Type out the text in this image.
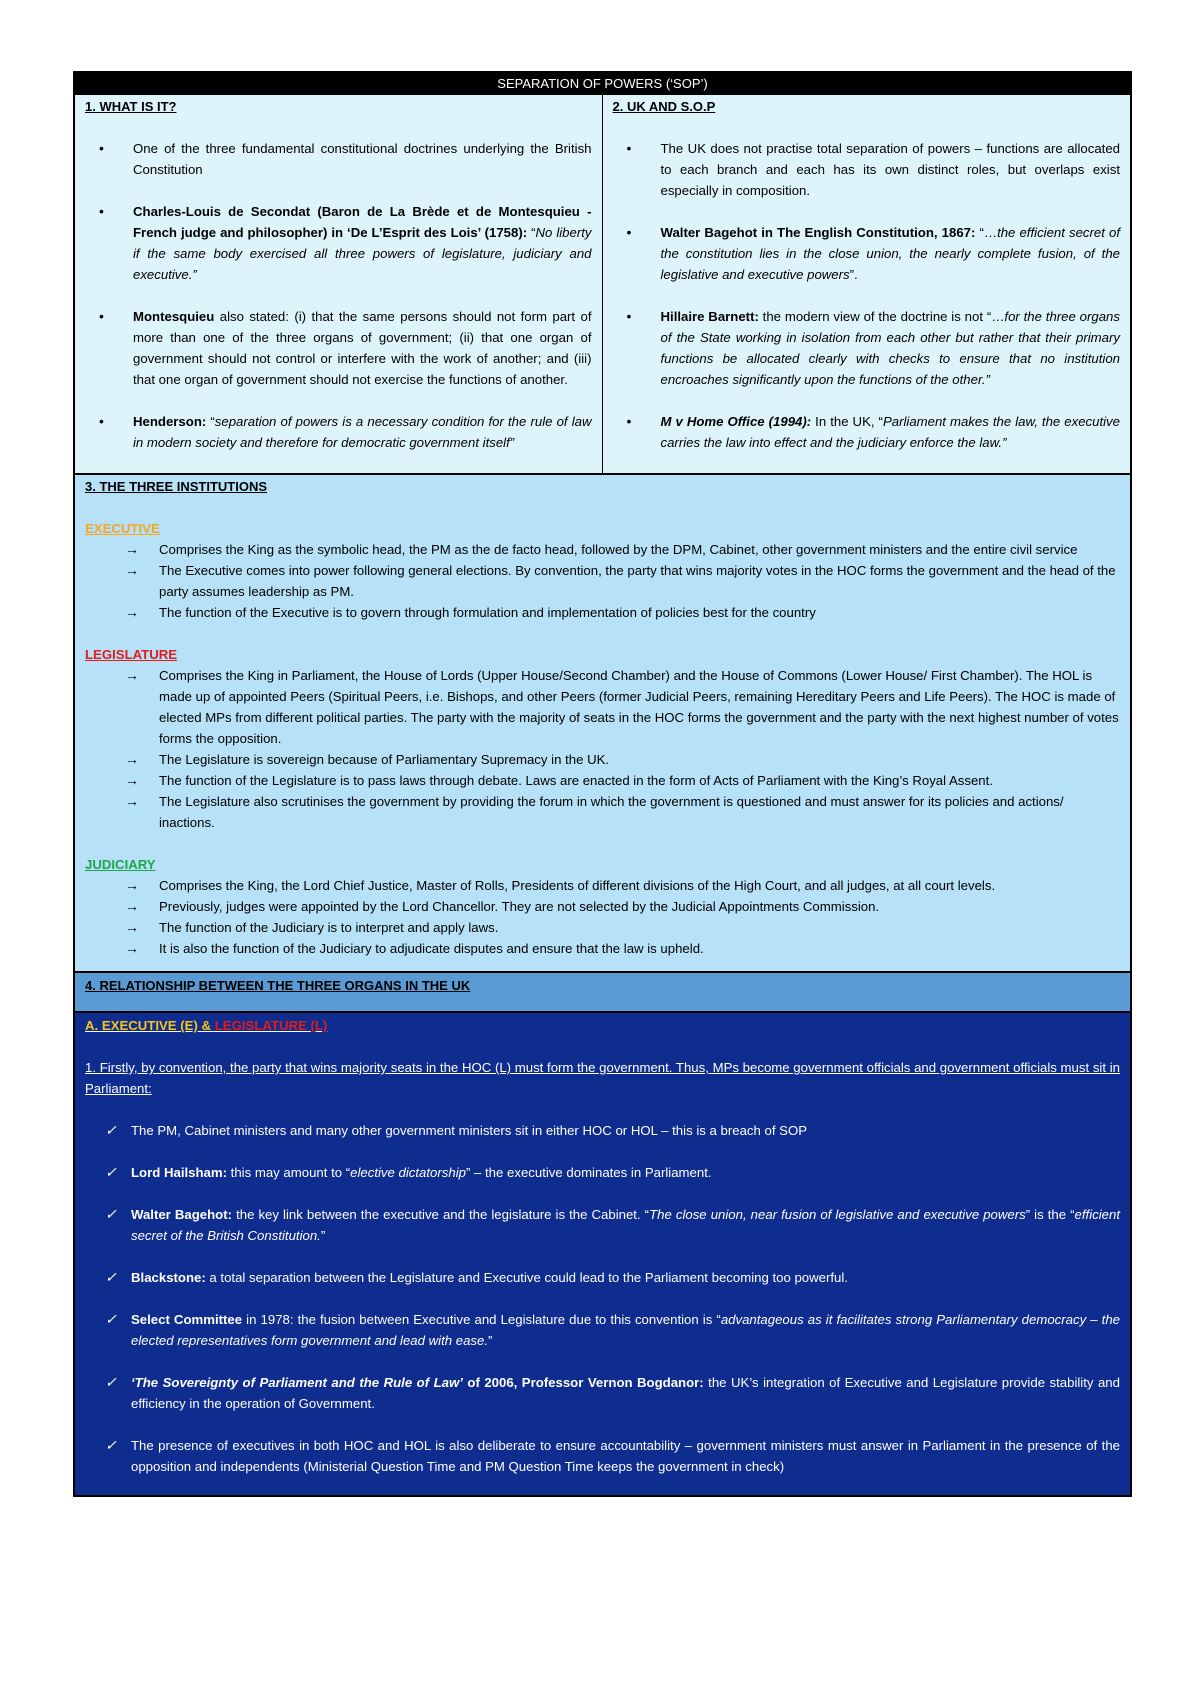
SEPARATION OF POWERS (‘SOP’)
1. WHAT IS IT?
• One of the three fundamental constitutional doctrines underlying the British Constitution
• Charles-Louis de Secondat (Baron de La Brède et de Montesquieu - French judge and philosopher) in ‘De L’Esprit des Lois’ (1758): “No liberty if the same body exercised all three powers of legislature, judiciary and executive.”
• Montesquieu also stated: (i) that the same persons should not form part of more than one of the three organs of government; (ii) that one organ of government should not control or interfere with the work of another; and (iii) that one organ of government should not exercise the functions of another.
• Henderson: “separation of powers is a necessary condition for the rule of law in modern society and therefore for democratic government itself”
2. UK AND S.O.P
• The UK does not practise total separation of powers – functions are allocated to each branch and each has its own distinct roles, but overlaps exist especially in composition.
• Walter Bagehot in The English Constitution, 1867: “…the efficient secret of the constitution lies in the close union, the nearly complete fusion, of the legislative and executive powers”.
• Hillaire Barnett: the modern view of the doctrine is not “…for the three organs of the State working in isolation from each other but rather that their primary functions be allocated clearly with checks to ensure that no institution encroaches significantly upon the functions of the other.”
• M v Home Office (1994): In the UK, “Parliament makes the law, the executive carries the law into effect and the judiciary enforce the law.”
3. THE THREE INSTITUTIONS
EXECUTIVE
→ Comprises the King as the symbolic head, the PM as the de facto head, followed by the DPM, Cabinet, other government ministers and the entire civil service
→ The Executive comes into power following general elections. By convention, the party that wins majority votes in the HOC forms the government and the head of the party assumes leadership as PM.
→ The function of the Executive is to govern through formulation and implementation of policies best for the country
LEGISLATURE
→ Comprises the King in Parliament, the House of Lords (Upper House/Second Chamber) and the House of Commons (Lower House/ First Chamber). The HOL is made up of appointed Peers (Spiritual Peers, i.e. Bishops, and other Peers (former Judicial Peers, remaining Hereditary Peers and Life Peers). The HOC is made of elected MPs from different political parties. The party with the majority of seats in the HOC forms the government and the party with the next highest number of votes forms the opposition.
→ The Legislature is sovereign because of Parliamentary Supremacy in the UK.
→ The function of the Legislature is to pass laws through debate. Laws are enacted in the form of Acts of Parliament with the King’s Royal Assent.
→ The Legislature also scrutinises the government by providing the forum in which the government is questioned and must answer for its policies and actions/ inactions.
JUDICIARY
→ Comprises the King, the Lord Chief Justice, Master of Rolls, Presidents of different divisions of the High Court, and all judges, at all court levels.
→ Previously, judges were appointed by the Lord Chancellor. They are not selected by the Judicial Appointments Commission.
→ The function of the Judiciary is to interpret and apply laws.
→ It is also the function of the Judiciary to adjudicate disputes and ensure that the law is upheld.
4. RELATIONSHIP BETWEEN THE THREE ORGANS IN THE UK
A. EXECUTIVE (E) & LEGISLATURE (L)
1. Firstly, by convention, the party that wins majority seats in the HOC (L) must form the government. Thus, MPs become government officials and government officials must sit in Parliament:
✓ The PM, Cabinet ministers and many other government ministers sit in either HOC or HOL – this is a breach of SOP
✓ Lord Hailsham: this may amount to “elective dictatorship” – the executive dominates in Parliament.
✓ Walter Bagehot: the key link between the executive and the legislature is the Cabinet. “The close union, near fusion of legislative and executive powers” is the “efficient secret of the British Constitution.”
✓ Blackstone: a total separation between the Legislature and Executive could lead to the Parliament becoming too powerful.
✓ Select Committee in 1978: the fusion between Executive and Legislature due to this convention is “advantageous as it facilitates strong Parliamentary democracy – the elected representatives form government and lead with ease.”
✓ ‘The Sovereignty of Parliament and the Rule of Law’ of 2006, Professor Vernon Bogdanor: the UK’s integration of Executive and Legislature provide stability and efficiency in the operation of Government.
✓ The presence of executives in both HOC and HOL is also deliberate to ensure accountability – government ministers must answer in Parliament in the presence of the opposition and independents (Ministerial Question Time and PM Question Time keeps the government in check)
